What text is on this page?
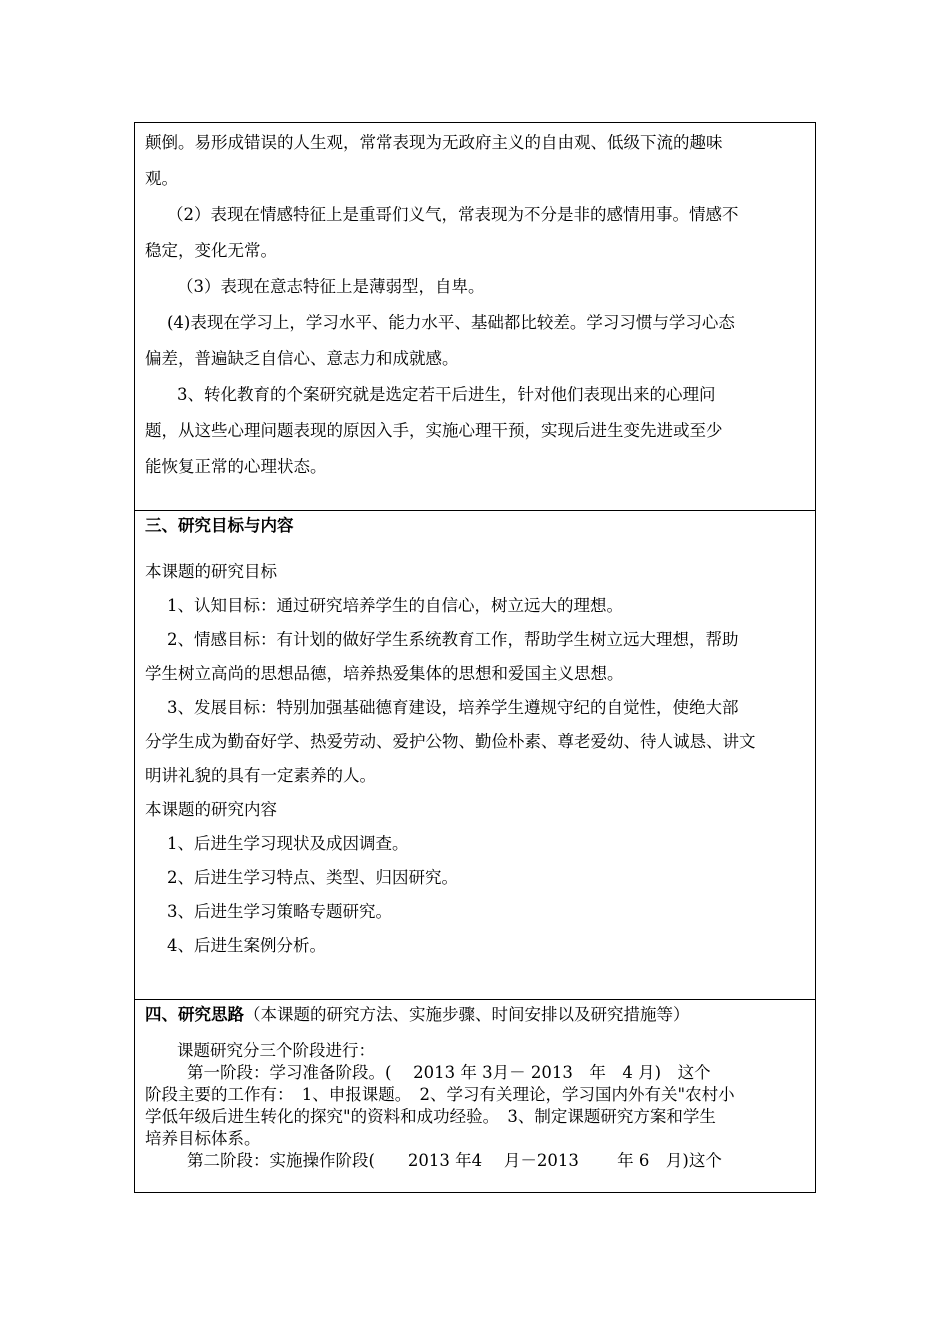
颠倒。易形成错误的人生观，常常表现为无政府主义的自由观、低级下流的趣味

观。

（2）表现在情感特征上是重哥们义气，常表现为不分是非的感情用事。情感不

稳定，变化无常。

（3）表现在意志特征上是薄弱型，自卑。

(4)表现在学习上，学习水平、能力水平、基础都比较差。学习习惯与学习心态

偏差，普遍缺乏自信心、意志力和成就感。

3、转化教育的个案研究就是选定若干后进生，针对他们表现出来的心理问

题，从这些心理问题表现的原因入手，实施心理干预，实现后进生变先进或至少

能恢复正常的心理状态。

三、研究目标与内容

本课题的研究目标

1、认知目标：通过研究培养学生的自信心，树立远大的理想。

2、情感目标：有计划的做好学生系统教育工作，帮助学生树立远大理想，帮助

学生树立高尚的思想品德，培养热爱集体的思想和爱国主义思想。

3、发展目标：特别加强基础德育建设，培养学生遵规守纪的自觉性，使绝大部

分学生成为勤奋好学、热爱劳动、爱护公物、勤俭朴素、尊老爱幼、待人诚恳、讲文

明讲礼貌的具有一定素养的人。

本课题的研究内容

1、后进生学习现状及成因调查。

2、后进生学习特点、类型、归因研究。

3、后进生学习策略专题研究。

4、后进生案例分析。

四、研究思路（本课题的研究方法、实施步骤、时间安排以及研究措施等）

课题研究分三个阶段进行：

第一阶段：学习准备阶段。(　 2013 年 3月－ 2013　年　4 月)　这个

阶段主要的工作有：　1、申报课题。　2、学习有关理论，学习国内外有关"农村小

学低年级后进生转化的探究"的资料和成功经验。　3、制定课题研究方案和学生

培养目标体系。

第二阶段：实施操作阶段(　　2013 年4　 月－2013　　 年 6　月)这个
